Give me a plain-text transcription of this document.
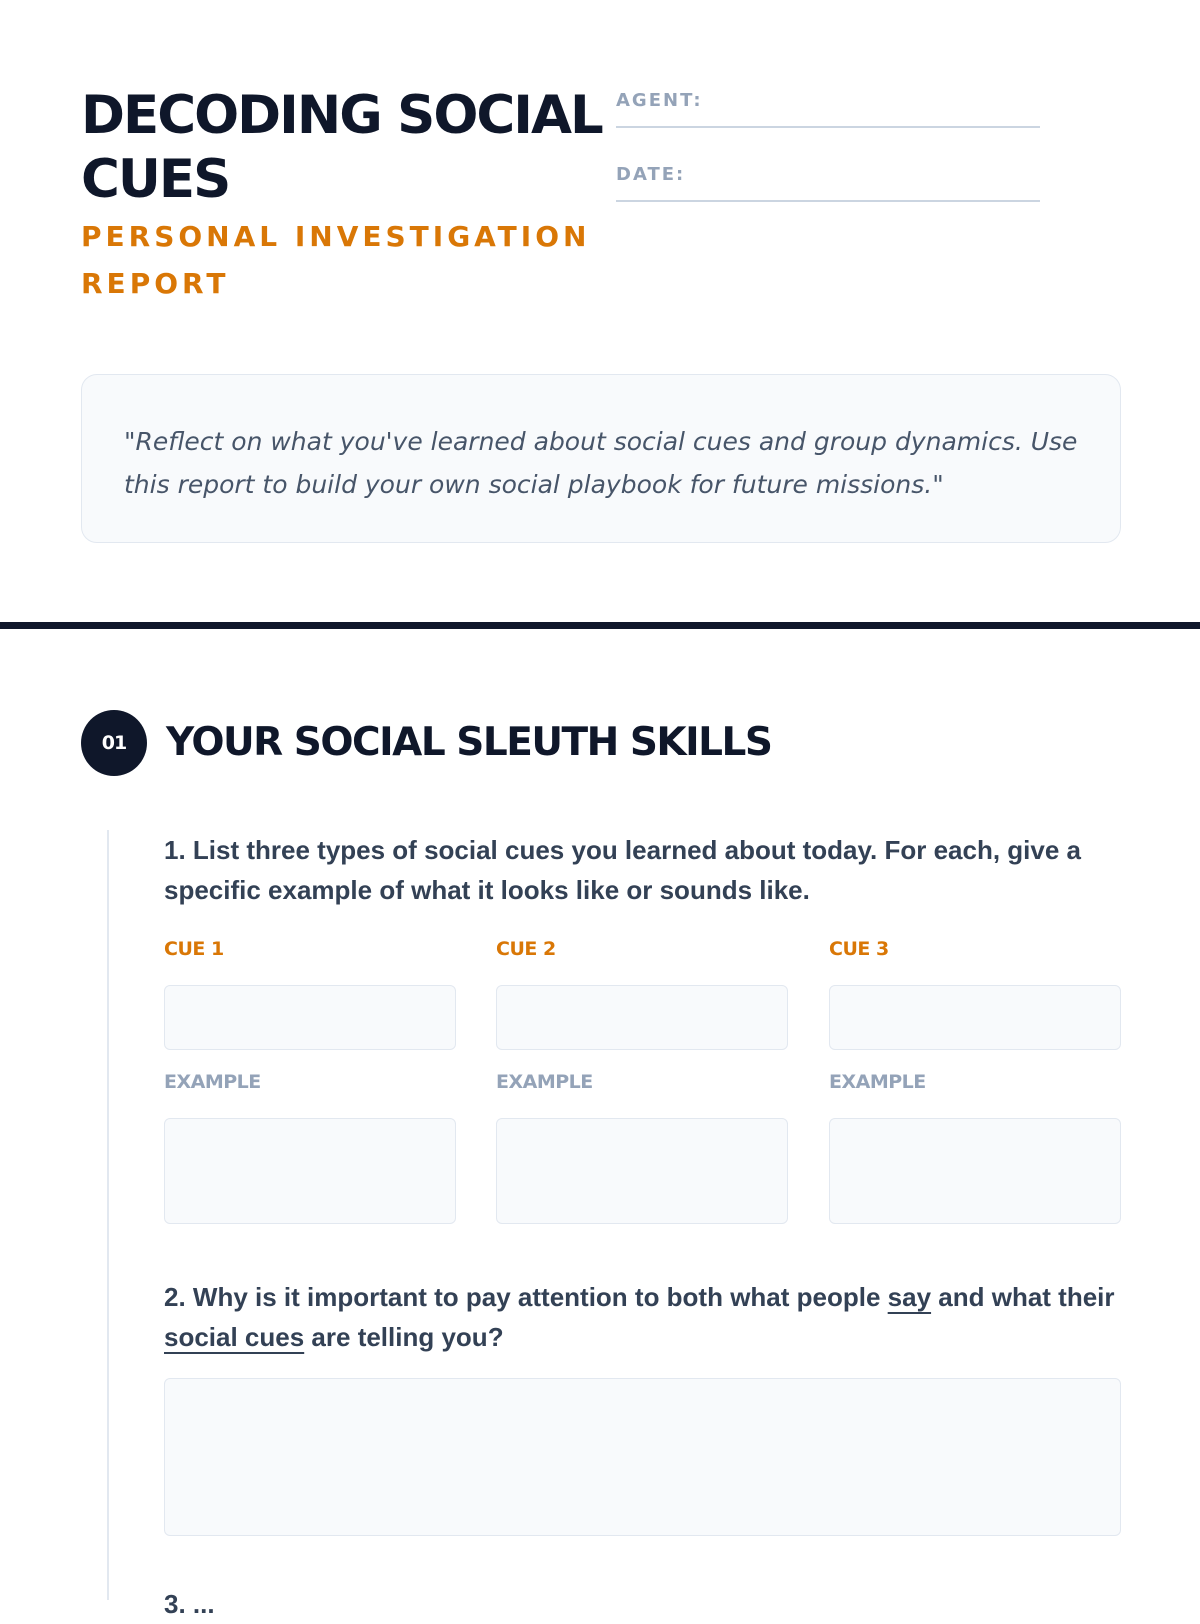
DECODING SOCIAL CUES
PERSONAL INVESTIGATION REPORT
AGENT:
DATE:

"Reflect on what you've learned about social cues and group dynamics. Use this report to build your own social playbook for future missions."

01	YOUR SOCIAL SLEUTH SKILLS
1. List three types of social cues you learned about today. For each, give a specific example of what it looks like or sounds like.
CUE 1	CUE 2	CUE 3
EXAMPLE	EXAMPLE	EXAMPLE
2. Why is it important to pay attention to both what people say and what their social cues are telling you?
3. ...
